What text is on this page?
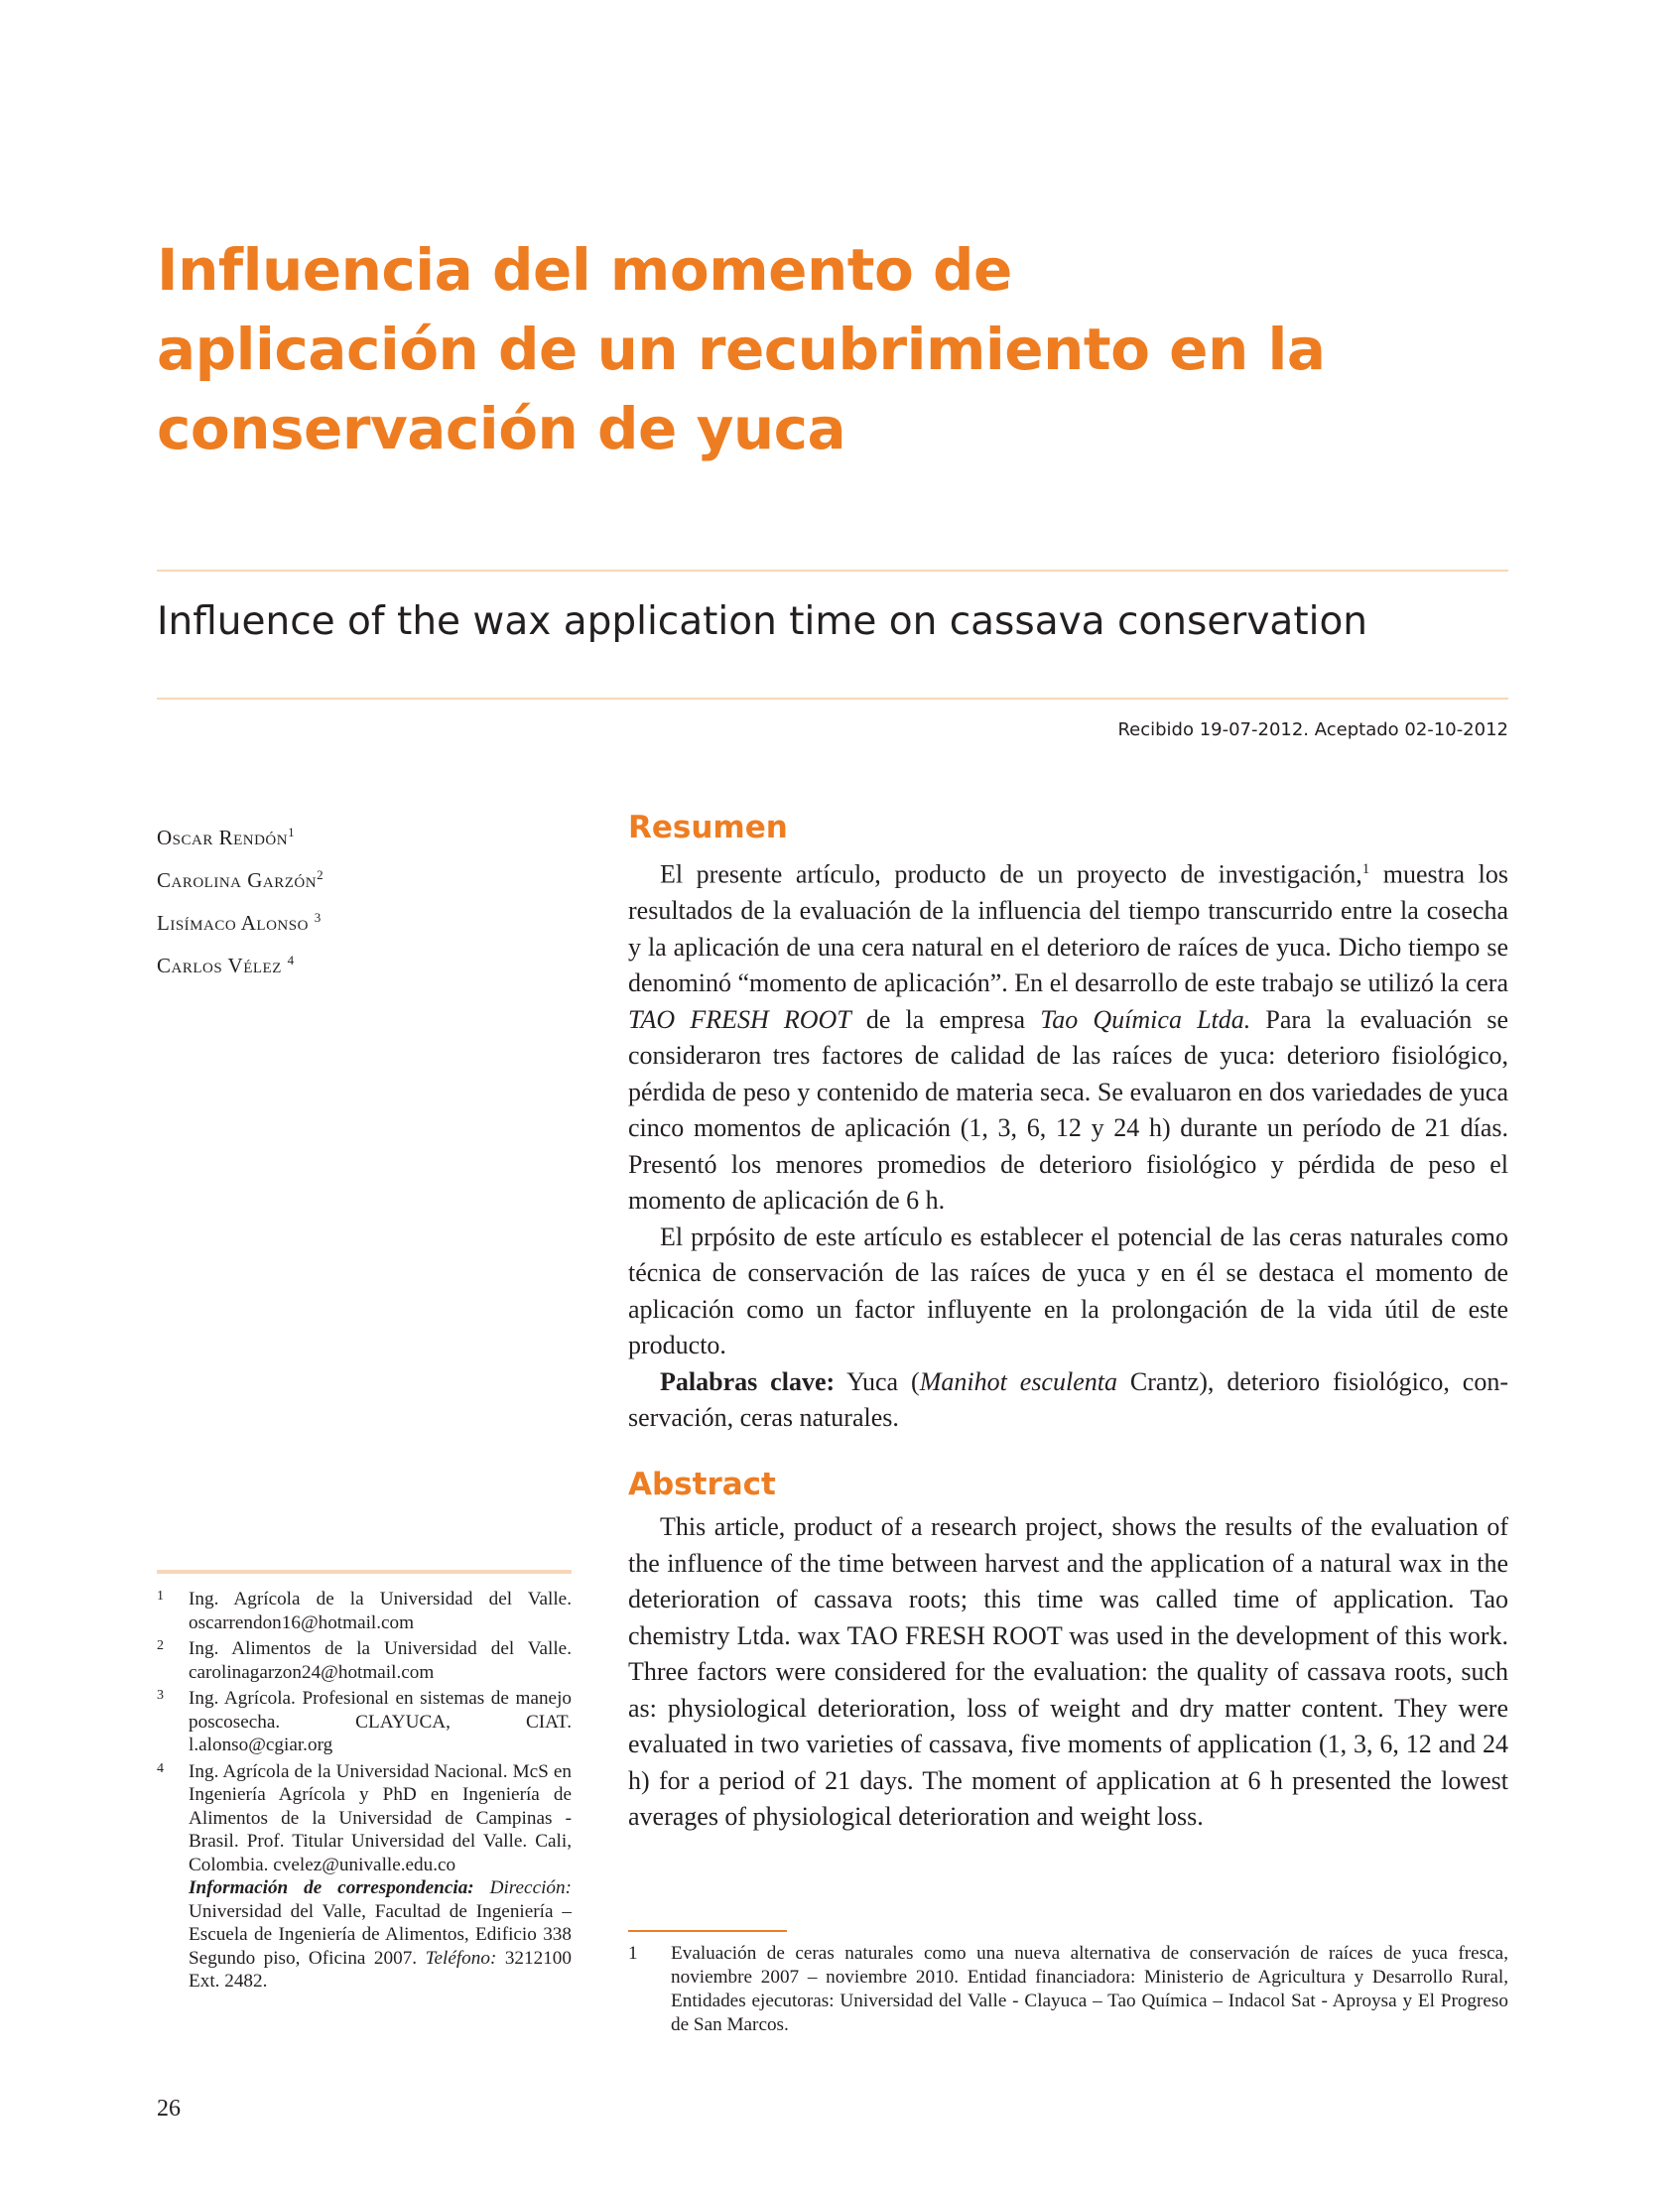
Influencia del momento de
aplicación de un recubrimiento en la
conservación de yuca
Influence of the wax application time on cassava conservation
Recibido 19-07-2012. Aceptado 02-10-2012
Oscar Rendón$^1$
Carolina Garzón$^2$
Lisímaco Alonso $^3$
Carlos Vélez $^4$
Resumen

El presente artículo, producto de un proyecto de investigación,$^1$ muestra los resultados de la evaluación de la influencia del tiempo transcurrido entre la cosecha y la aplicación de una cera natural en el deterioro de raíces de yuca. Dicho tiempo se denominó “momento de aplicación”. En el desarrollo de este trabajo se utilizó la cera TAO FRESH ROOT de la empresa Tao Química Ltda. Para la evaluación se consideraron tres factores de calidad de las raíces de yuca: deterioro fisiológico, pérdida de peso y contenido de materia seca. Se evaluaron en dos variedades de yuca cinco momentos de aplicación (1, 3, 6, 12 y 24 h) durante un período de 21 días. Presentó los menores promedios de deterioro fisiológico y pérdida de peso el momento de aplicación de 6 h.

El prpósito de este artículo es establecer el potencial de las ceras naturales como técnica de conservación de las raíces de yuca y en él se destaca el momento de aplicación como un factor influyente en la prolongación de la vida útil de este producto.

Palabras clave: Yuca (Manihot esculenta Crantz), deterioro fisiológico, conservación, ceras naturales.

Abstract

This article, product of a research project, shows the results of the evaluation of the influence of the time between harvest and the application of a natural wax in the deterioration of cassava roots; this time was called time of application. Tao chemistry Ltda. wax TAO FRESH ROOT was used in the development of this work. Three factors were considered for the evaluation: the quality of cassava roots, such as: physiological deterioration, loss of weight and dry matter content. They were evaluated in two varieties of cassava, five moments of application (1, 3, 6, 12 and 24 h) for a period of 21 days. The moment of application at 6 h presented the lowest averages of physiological deterioration and weight loss.

1 Ing. Agrícola de la Universidad del Valle. oscarrendon16@hotmail.com
2 Ing. Alimentos de la Universidad del Valle. carolinagarzon24@hotmail.com
3 Ing. Agrícola. Profesional en sistemas de manejo poscosecha. CLAYUCA, CIAT. l.alonso@cgiar.org
4 Ing. Agrícola de la Universidad Nacional. McS en Ingeniería Agrícola y PhD en Ingeniería de Alimentos de la Universidad de Campinas - Brasil. Prof. Titular Universidad del Valle. Cali, Colombia. cvelez@univalle.edu.co
Información de correspondencia: Dirección: Universidad del Valle, Facultad de Ingeniería – Escuela de Ingeniería de Alimentos, Edificio 338 Segundo piso, Oficina 2007. Teléfono: 3212100 Ext. 2482.
1 Evaluación de ceras naturales como una nueva alternativa de conservación de raíces de yuca fresca, noviembre 2007 – noviembre 2010. Entidad financiadora: Ministerio de Agricultura y Desarrollo Rural, Entidades ejecutoras: Universidad del Valle - Clayuca – Tao Química – Indacol Sat - Aproysa y El Progreso de San Marcos.
26
